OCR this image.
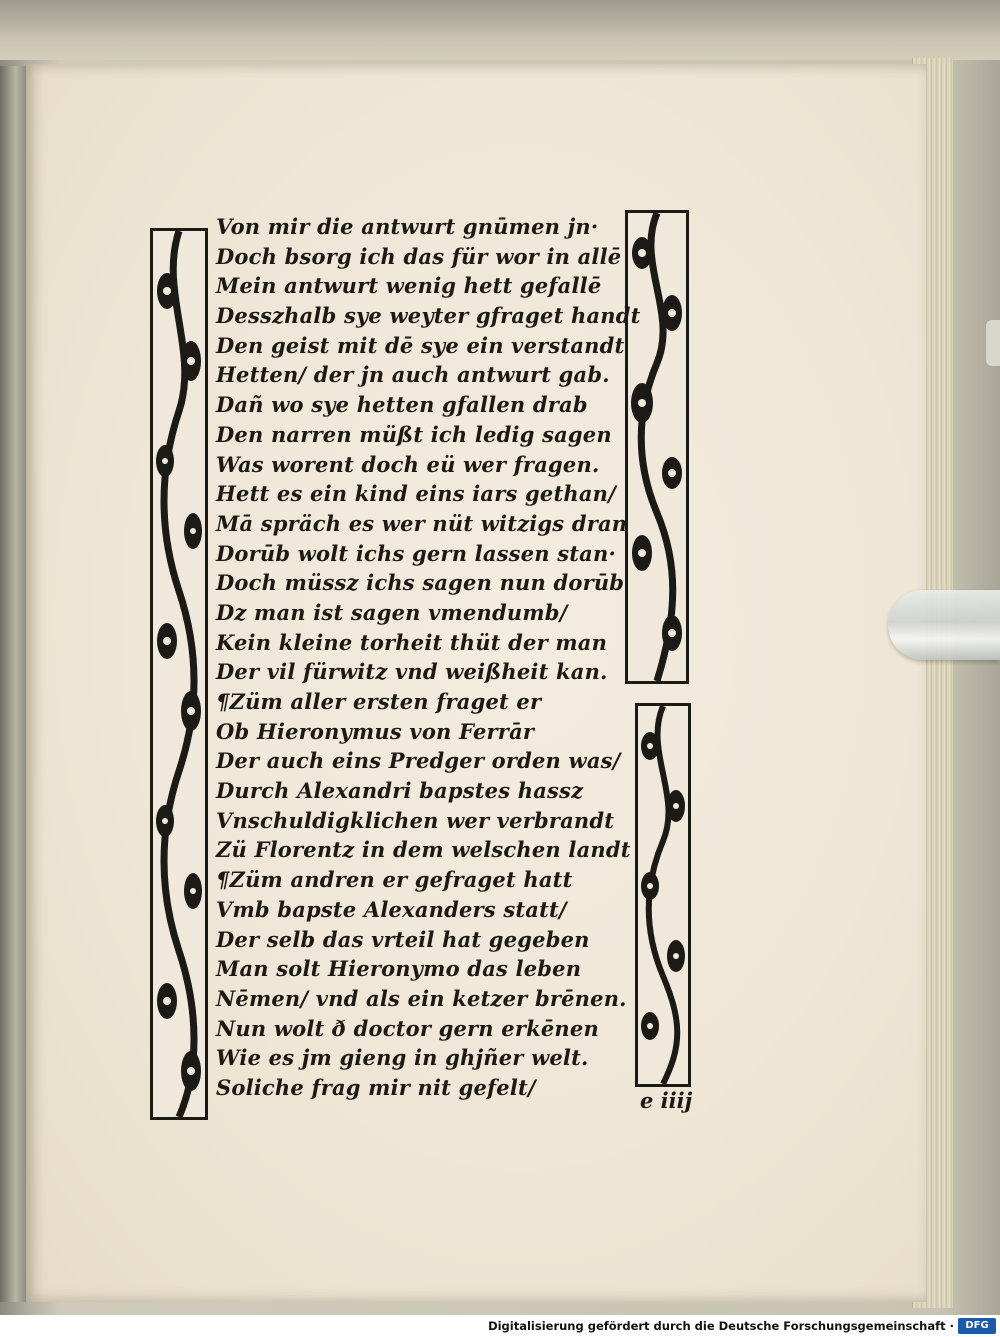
Von mir die antwurt gnūmen jn·
Doch bsorg ich das für wor in allē
Mein antwurt wenig hett gefallē
Desszhalb sye weyter gfraget handt
Den geist mit dē sye ein verstandt
Hetten/ der jn auch antwurt gab.
Dañ wo sye hetten gfallen drab
Den narren müßt ich ledig sagen
Was worent doch eü wer fragen.
Hett es ein kind eins iars gethan/
Mā spräch es wer nüt witzigs dran
Dorūb wolt ichs gern lassen stan·
Doch müssz ichs sagen nun dorūb
Dz man ist sagen vmendumb/
Kein kleine torheit thüt der man
Der vil fürwitz vnd weißheit kan.
¶Züm aller ersten fraget er
Ob Hieronymus von Ferrār
Der auch eins Predger orden was/
Durch Alexandri bapstes hassz
Vnschuldigklichen wer verbrandt
Zü Florentz in dem welschen landt
¶Züm andren er gefraget hatt
Vmb bapste Alexanders statt/
Der selb das vrteil hat gegeben
Man solt Hieronymo das leben
Nēmen/ vnd als ein ketzer brēnen.
Nun wolt ð doctor gern erkēnen
Wie es jm gieng in ghjñer welt.
Soliche frag mir nit gefelt/
e iiij
Digitalisierung gefördert durch die Deutsche Forschungsgemeinschaft ·	DFG
